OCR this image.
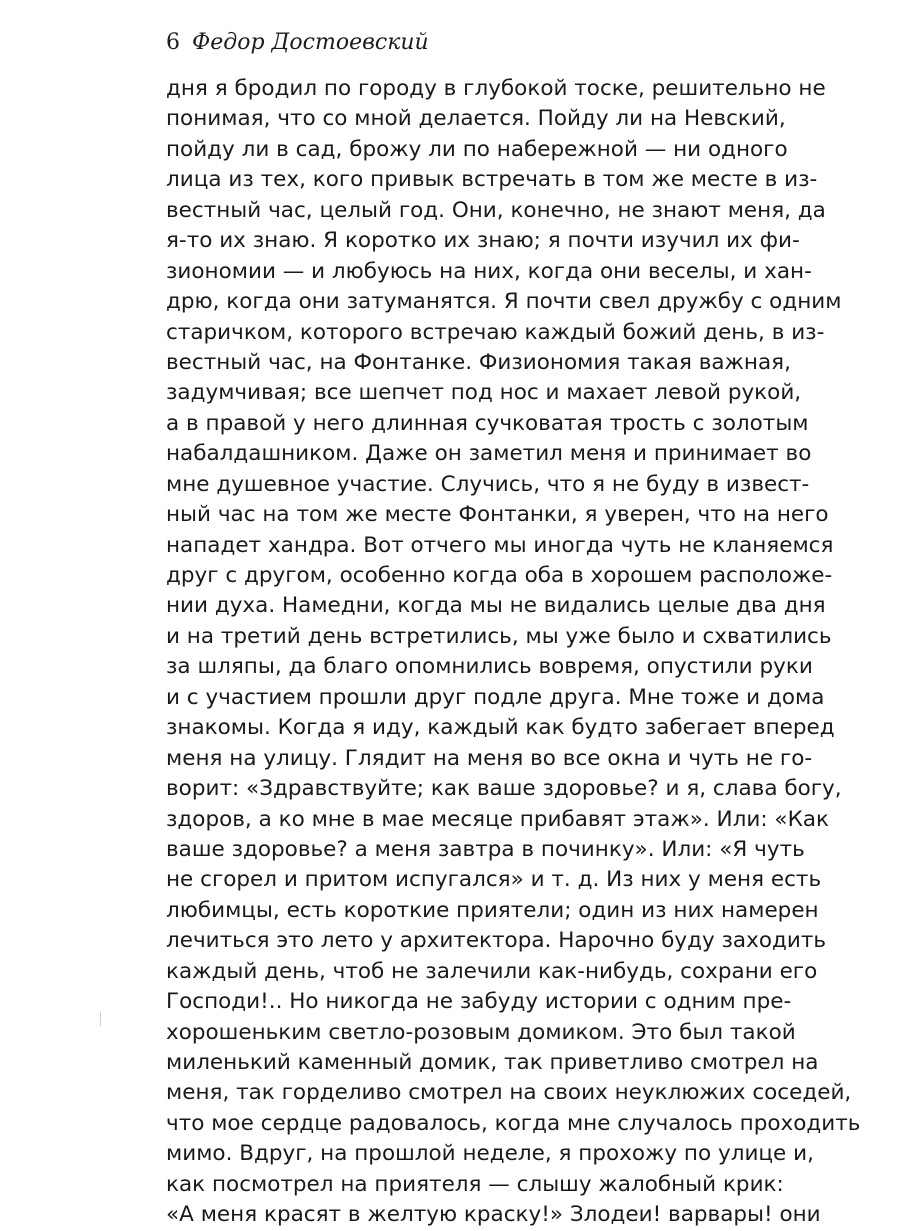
6 Федор Достоевский
дня я бродил по городу в глубокой тоске, решительно не
понимая, что со мной делается. Пойду ли на Невский,
пойду ли в сад, брожу ли по набережной — ни одного
лица из тех, кого привык встречать в том же месте в из-
вестный час, целый год. Они, конечно, не знают меня, да
я-то их знаю. Я коротко их знаю; я почти изучил их фи-
зиономии — и любуюсь на них, когда они веселы, и хан-
дрю, когда они затуманятся. Я почти свел дружбу с одним
старичком, которого встречаю каждый божий день, в из-
вестный час, на Фонтанке. Физиономия такая важная,
задумчивая; все шепчет под нос и махает левой рукой,
а в правой у него длинная сучковатая трость с золотым
набалдашником. Даже он заметил меня и принимает во
мне душевное участие. Случись, что я не буду в извест-
ный час на том же месте Фонтанки, я уверен, что на него
нападет хандра. Вот отчего мы иногда чуть не кланяемся
друг с другом, особенно когда оба в хорошем расположе-
нии духа. Намедни, когда мы не видались целые два дня
и на третий день встретились, мы уже было и схватились
за шляпы, да благо опомнились вовремя, опустили руки
и с участием прошли друг подле друга. Мне тоже и дома
знакомы. Когда я иду, каждый как будто забегает вперед
меня на улицу. Глядит на меня во все окна и чуть не го-
ворит: «Здравствуйте; как ваше здоровье? и я, слава богу,
здоров, а ко мне в мае месяце прибавят этаж». Или: «Как
ваше здоровье? а меня завтра в починку». Или: «Я чуть
не сгорел и притом испугался» и т. д. Из них у меня есть
любимцы, есть короткие приятели; один из них намерен
лечиться это лето у архитектора. Нарочно буду заходить
каждый день, чтоб не залечили как-нибудь, сохрани его
Господи!.. Но никогда не забуду истории с одним пре-
хорошеньким светло-розовым домиком. Это был такой
миленький каменный домик, так приветливо смотрел на
меня, так горделиво смотрел на своих неуклюжих соседей,
что мое сердце радовалось, когда мне случалось проходить
мимо. Вдруг, на прошлой неделе, я прохожу по улице и,
как посмотрел на приятеля — слышу жалобный крик:
«А меня красят в желтую краску!» Злодеи! варвары! они
